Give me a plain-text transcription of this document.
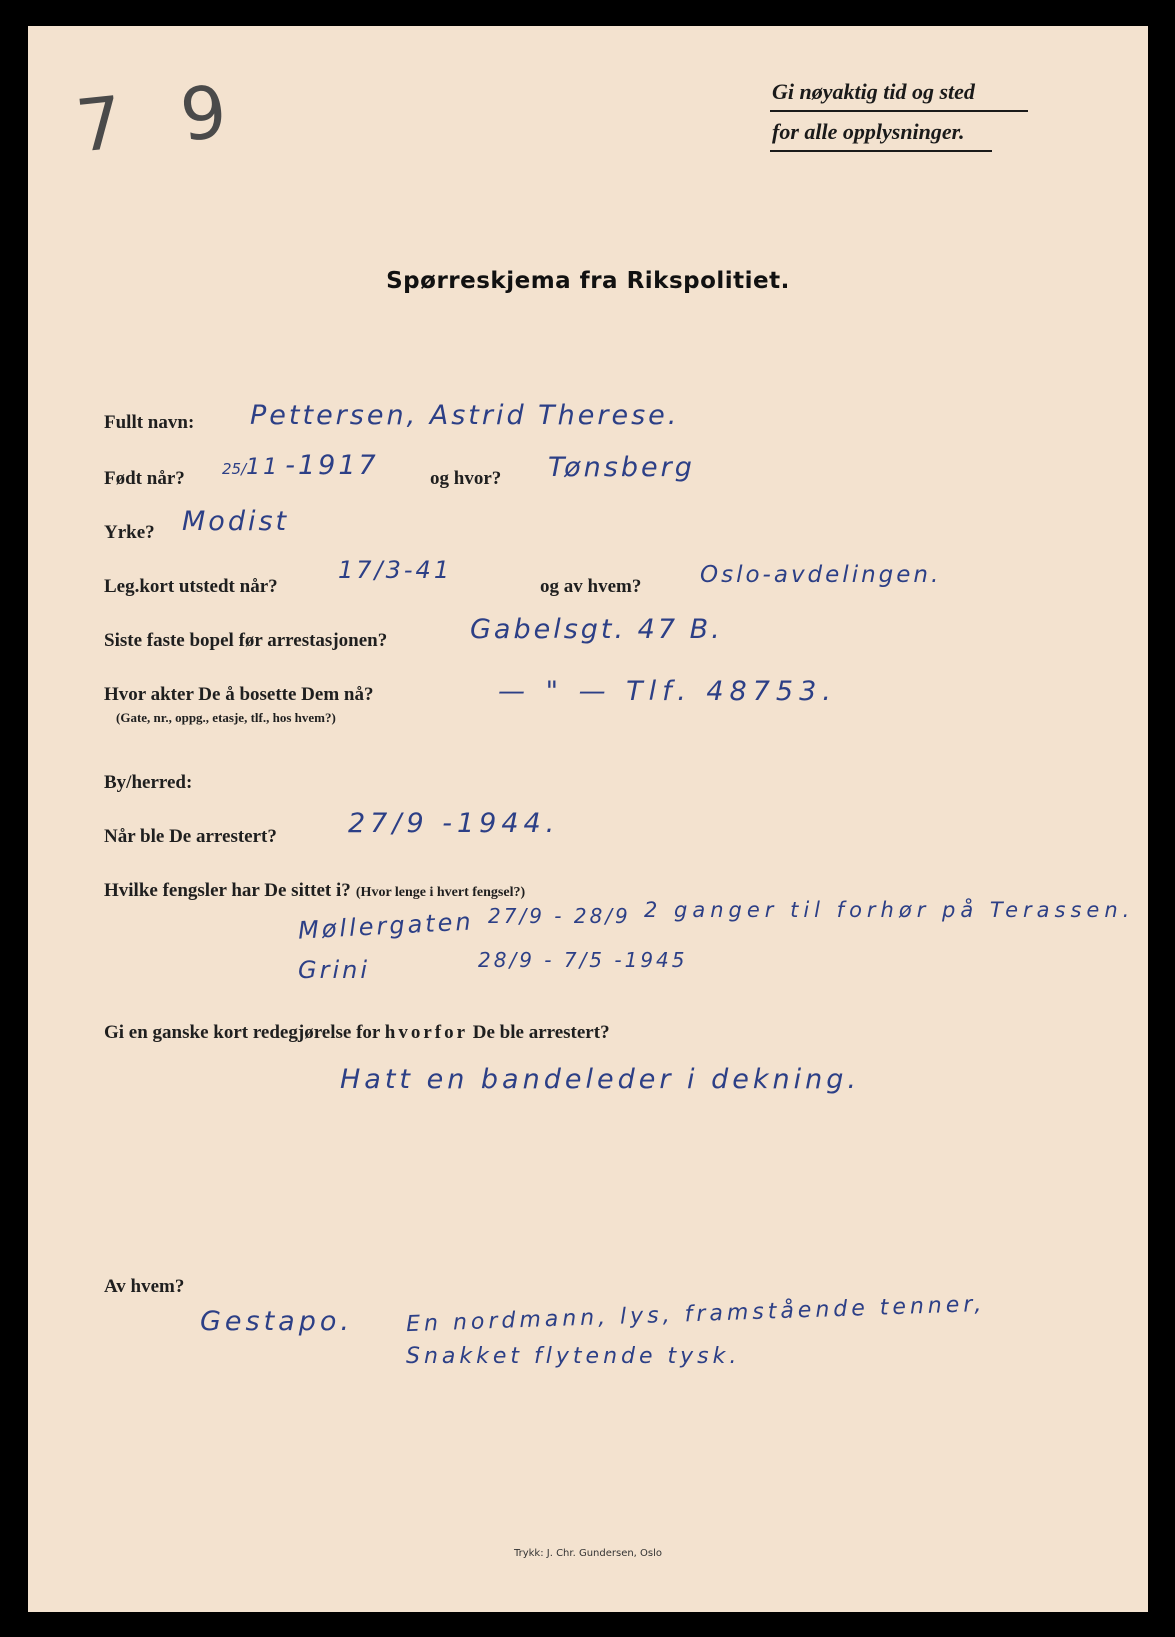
7 9	Gi nøyaktig tid og sted
for alle opplysninger.
Spørreskjema fra Rikspolitiet.
Fullt navn: Pettersen, Astrid Therese.
Født når? 25/11 -1917	og hvor? Tønsberg
Yrke? Modist
Leg.kort utstedt når?
17/3-41
og av hvem?	Oslo-avdelingen.
Siste faste bopel før arrestasjonen?	Gabelsgt. 47 B.
Hvor akter De å bosette Dem nå?
(Gate, nr., oppg., etasje, tlf., hos hvem?)
— " — Tlf. 48753.
By/herred:
Når ble De arrestert?	27/9 -1944.
Hvilke fengsler har De sittet i? (Hvor lenge i hvert fengsel?)
Møllergaten 27/9 - 28/9 2 ganger til forhør på Terassen.
Grini	28/9 - 7/5 -1945
Gi en ganske kort redegjørelse for hvorfor De ble arrestert?
Hatt en bandeleder i dekning.
Av hvem?
Gestapo. En nordmann, lys, framstående tenner,
Snakket flytende tysk.
Trykk: J. Chr. Gundersen, Oslo
